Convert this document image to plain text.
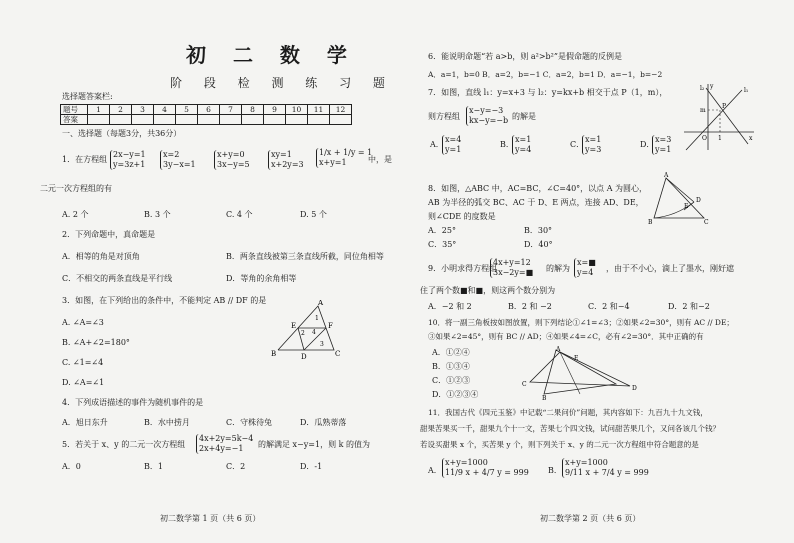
初 二 数 学
阶 段 检 测 练 习 题
选择题答案栏:
题号	1	2	3	4	5	6	7	8	9	10	11	12
答案												
一、选择题（每题3分，共36分）
1．在方程组
2x−y=1
y=3z+1
x=2
3y−x=1
x+y=0
3x−y=5
xy=1
x+2y=3
1/x + 1/y = 1
x+y=1	中，是
二元一次方程组的有
A. 2 个	B. 3 个	C. 4 个	D. 5 个
2．下列命题中，真命题是
A．相等的角是对顶角	B．两条直线被第三条直线所截，同位角相等
C．不相交的两条直线是平行线	D．等角的余角相等
3．如图，在下列给出的条件中，不能判定 AB // DF 的是
A. ∠A=∠3
B. ∠A+∠2=180°
C. ∠1=∠4
D. ∠A=∠1
A
B	C
D
E	F
1
2
3
4
4．下列成语描述的事件为随机事件的是
A．旭日东升	B．水中捞月	C．守株待兔	D．瓜熟蒂落
5．若关于 x、y 的二元一次方程组
4x+2y=5k−4
2x+4y=−1	的解满足 x−y=1，则 k 的值为
A．0	B．1	C．2	D．-1
初二数学第 1 页（共 6 页）
6．能说明命题“若 a>b，则 a²>b²”是假命题的反例是
A．a=1，b=0 B．a=2，b=−1 C．a=2，b=1 D．a=−1，b=−2
7．如图，直线 l₁：y=x+3 与 l₂：y=kx+b 相交于点 P（1，m），
则方程组
x−y=−3
kx−y=−b 的解是
A．
x=4
y=1
B．
x=1
y=4
C．
x=1
y=3
D．
x=3
y=1
l₁
l₂
P
m
O 1	x
y
8．如图，△ABC 中，AC=BC，∠C=40°，以点 A 为圆心，
AB 为半径的弧交 BC、AC 于 D、E 两点，连接 AD、DE，
则∠CDE 的度数是
A．25°	B．30°
C．35°	D．40°
A
B	C
D
E
9．小明求得方程组
4x+y=12
3x−2y=■ 的解为
x=■
y=4	，由于不小心，滴上了墨水，刚好遮
住了两个数■和■，则这两个数分别为
A．−2 和 2	B．2 和 −2	C．2 和−4	D．2 和−2
10．将一副三角板按如图放置，则下列结论①∠1=∠3；②如果∠2=30°，则有 AC // DE；
③如果∠2=45°，则有 BC // AD；④如果∠4=∠C，必有∠2=30°．其中正确的有
A．①②④
B．①③④
C．①②③
D．①②③④
A
C
D
E
B
11．我国古代《四元玉鉴》中记载“二果问价”问题，其内容如下：九百九十九文钱，
甜果苦果买一千，甜果九个十一文，苦果七个四文钱，试问甜苦果几个，又问各该几个钱？
若设买甜果 x 个，买苦果 y 个，则下列关于 x、y 的二元一次方程组中符合题意的是
A．
x+y=1000
11/9 x + 4/7 y = 999 B．
x+y=1000
9/11 x + 7/4 y = 999
初二数学第 2 页（共 6 页）
